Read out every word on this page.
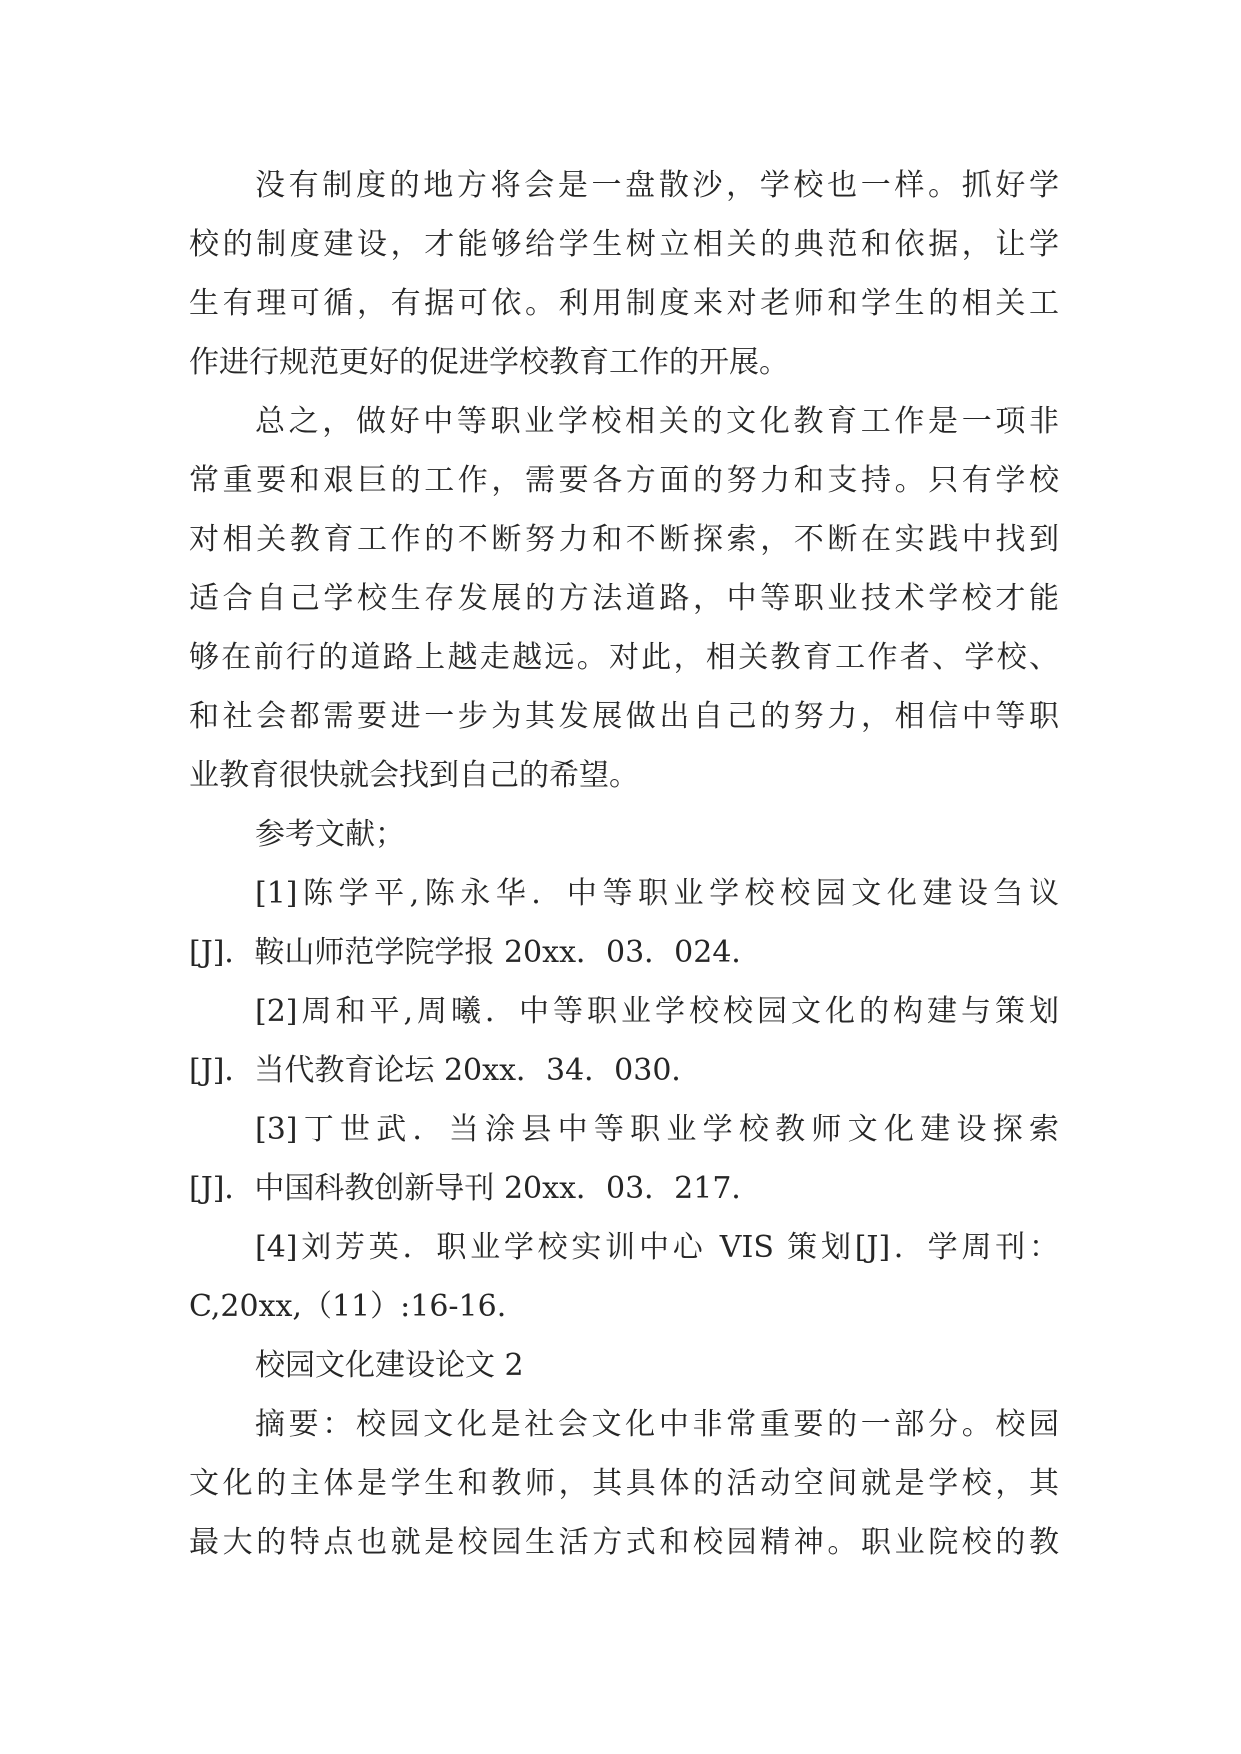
没有制度的地方将会是一盘散沙，学校也一样。抓好学

校的制度建设，才能够给学生树立相关的典范和依据，让学

生有理可循，有据可依。利用制度来对老师和学生的相关工

作进行规范更好的促进学校教育工作的开展。

总之，做好中等职业学校相关的文化教育工作是一项非

常重要和艰巨的工作，需要各方面的努力和支持。只有学校

对相关教育工作的不断努力和不断探索，不断在实践中找到

适合自己学校生存发展的方法道路，中等职业技术学校才能

够在前行的道路上越走越远。对此，相关教育工作者、学校、

和社会都需要进一步为其发展做出自己的努力，相信中等职

业教育很快就会找到自己的希望。

参考文献；

[1]陈学平,陈永华．中等职业学校校园文化建设刍议

[J]．鞍山师范学院学报 20xx．03．024．

[2]周和平,周曦．中等职业学校校园文化的构建与策划

[J]．当代教育论坛 20xx．34．030．

[3]丁世武．当涂县中等职业学校教师文化建设探索

[J]．中国科教创新导刊 20xx．03．217．

[4]刘芳英．职业学校实训中心 VIS 策划[J]．学周刊：

C,20xx,（11）:16-16.

校园文化建设论文 2

摘要：校园文化是社会文化中非常重要的一部分。校园

文化的主体是学生和教师，其具体的活动空间就是学校，其

最大的特点也就是校园生活方式和校园精神。职业院校的教
